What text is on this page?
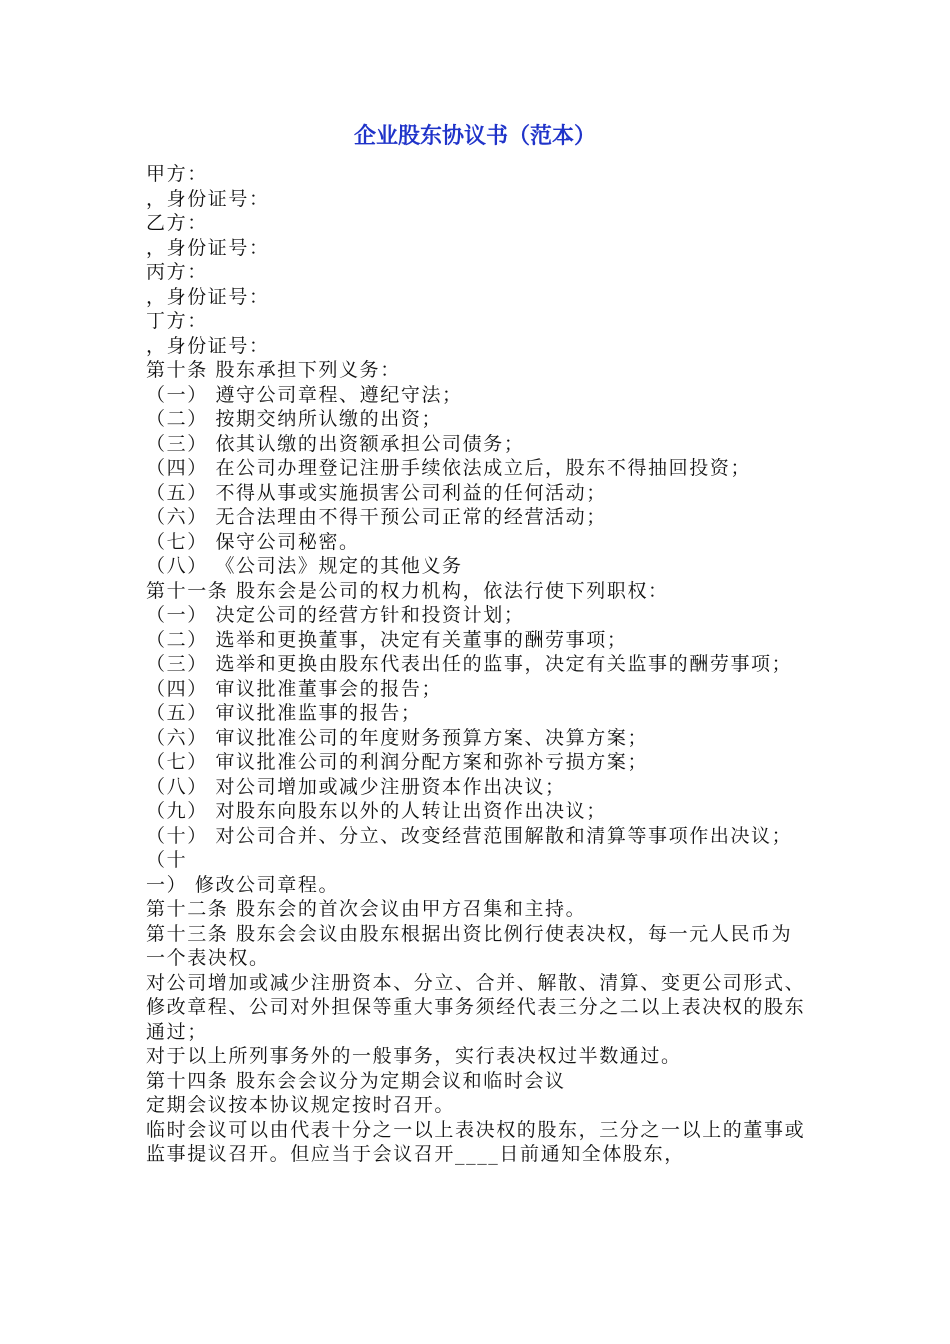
企业股东协议书（范本）

甲方：

，身份证号：

乙方：

，身份证号：

丙方：

，身份证号：

丁方：

，身份证号：

第十条 股东承担下列义务：

（一） 遵守公司章程、遵纪守法；

（二） 按期交纳所认缴的出资；

（三） 依其认缴的出资额承担公司债务；

（四） 在公司办理登记注册手续依法成立后，股东不得抽回投资；

（五） 不得从事或实施损害公司利益的任何活动；

（六） 无合法理由不得干预公司正常的经营活动；

（七） 保守公司秘密。

（八） 《公司法》规定的其他义务

第十一条 股东会是公司的权力机构，依法行使下列职权：

（一） 决定公司的经营方针和投资计划；

（二） 选举和更换董事，决定有关董事的酬劳事项；

（三） 选举和更换由股东代表出任的监事，决定有关监事的酬劳事项；

（四） 审议批准董事会的报告；

（五） 审议批准监事的报告；

（六） 审议批准公司的年度财务预算方案、决算方案；

（七） 审议批准公司的利润分配方案和弥补亏损方案；

（八） 对公司增加或减少注册资本作出决议；

（九） 对股东向股东以外的人转让出资作出决议；

（十） 对公司合并、分立、改变经营范围解散和清算等事项作出决议；

（十

一） 修改公司章程。

第十二条 股东会的首次会议由甲方召集和主持。

第十三条 股东会会议由股东根据出资比例行使表决权，每一元人民币为一个表决权。

对公司增加或减少注册资本、分立、合并、解散、清算、变更公司形式、修改章程、公司对外担保等重大事务须经代表三分之二以上表决权的股东通过；

对于以上所列事务外的一般事务，实行表决权过半数通过。

第十四条 股东会会议分为定期会议和临时会议

定期会议按本协议规定按时召开。

临时会议可以由代表十分之一以上表决权的股东，三分之一以上的董事或监事提议召开。但应当于会议召开____日前通知全体股东，
